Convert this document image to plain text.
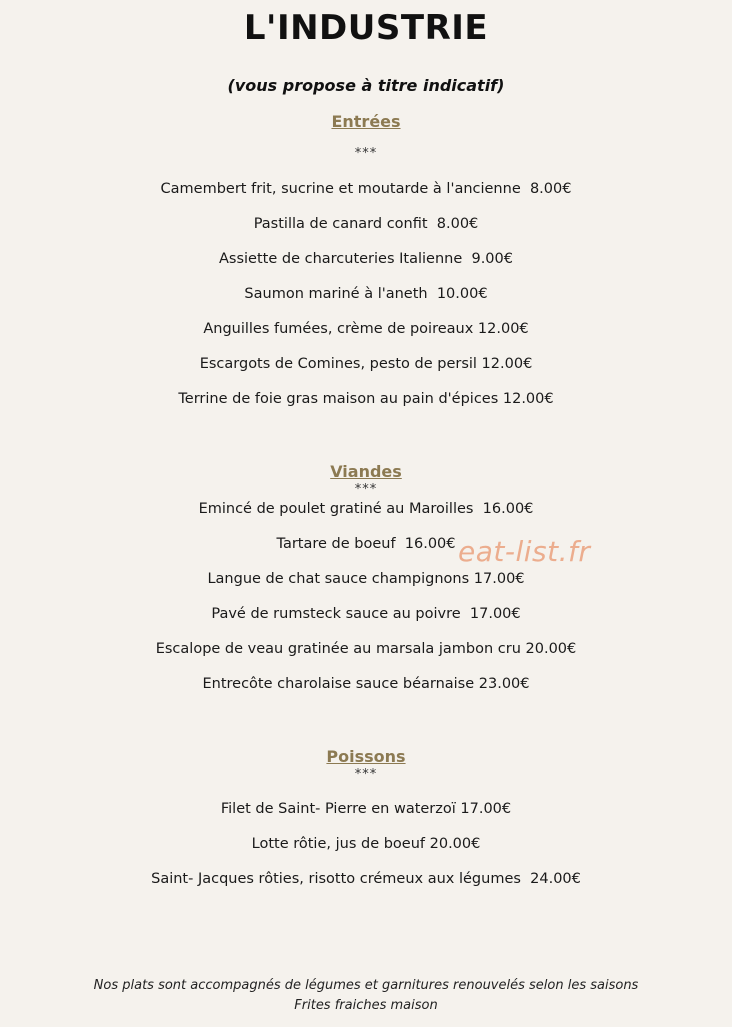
L'INDUSTRIE
(vous propose à titre indicatif)
Entrées
***
Camembert frit, sucrine et moutarde à l'ancienne  8.00€
Pastilla de canard confit  8.00€
Assiette de charcuteries Italienne  9.00€
Saumon mariné à l'aneth  10.00€
Anguilles fumées, crème de poireaux 12.00€
Escargots de Comines, pesto de persil 12.00€
Terrine de foie gras maison au pain d'épices 12.00€
Viandes
***
Emincé de poulet gratiné au Maroilles  16.00€
Tartare de boeuf  16.00€
Langue de chat sauce champignons 17.00€
Pavé de rumsteck sauce au poivre  17.00€
Escalope de veau gratinée au marsala jambon cru 20.00€
Entrecôte charolaise sauce béarnaise 23.00€
Poissons
***
Filet de Saint- Pierre en waterzoï 17.00€
Lotte rôtie, jus de boeuf 20.00€
Saint- Jacques rôties, risotto crémeux aux légumes  24.00€
Nos plats sont accompagnés de légumes et garnitures renouvelés selon les saisons
Frites fraiches maison
eat-list.fr
